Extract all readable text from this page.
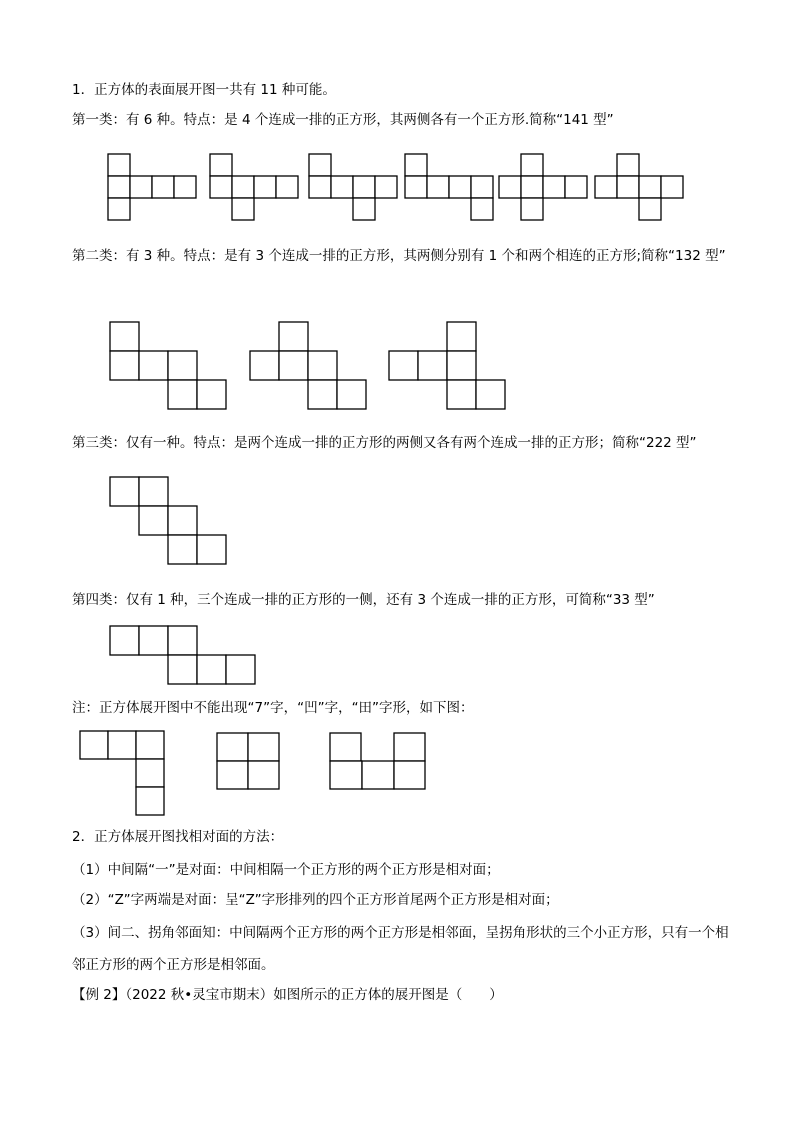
1．正方体的表面展开图一共有 11 种可能。
第一类：有 6 种。特点：是 4 个连成一排的正方形，其两侧各有一个正方形.简称“141 型”
第二类：有 3 种。特点：是有 3 个连成一排的正方形，其两侧分别有 1 个和两个相连的正方形;简称“132 型”
第三类：仅有一种。特点：是两个连成一排的正方形的两侧又各有两个连成一排的正方形；简称“222 型”
第四类：仅有 1 种，三个连成一排的正方形的一侧，还有 3 个连成一排的正方形，可简称“33 型”
注：正方体展开图中不能出现“7”字，“凹”字，“田”字形，如下图：
2．正方体展开图找相对面的方法：
（1）中间隔“一”是对面：中间相隔一个正方形的两个正方形是相对面；
（2）“Z”字两端是对面：呈“Z”字形排列的四个正方形首尾两个正方形是相对面；
（3）间二、拐角邻面知：中间隔两个正方形的两个正方形是相邻面，呈拐角形状的三个小正方形，只有一个相邻正方形的两个正方形是相邻面。
【例 2】（2022 秋•灵宝市期末）如图所示的正方体的展开图是（　　）
